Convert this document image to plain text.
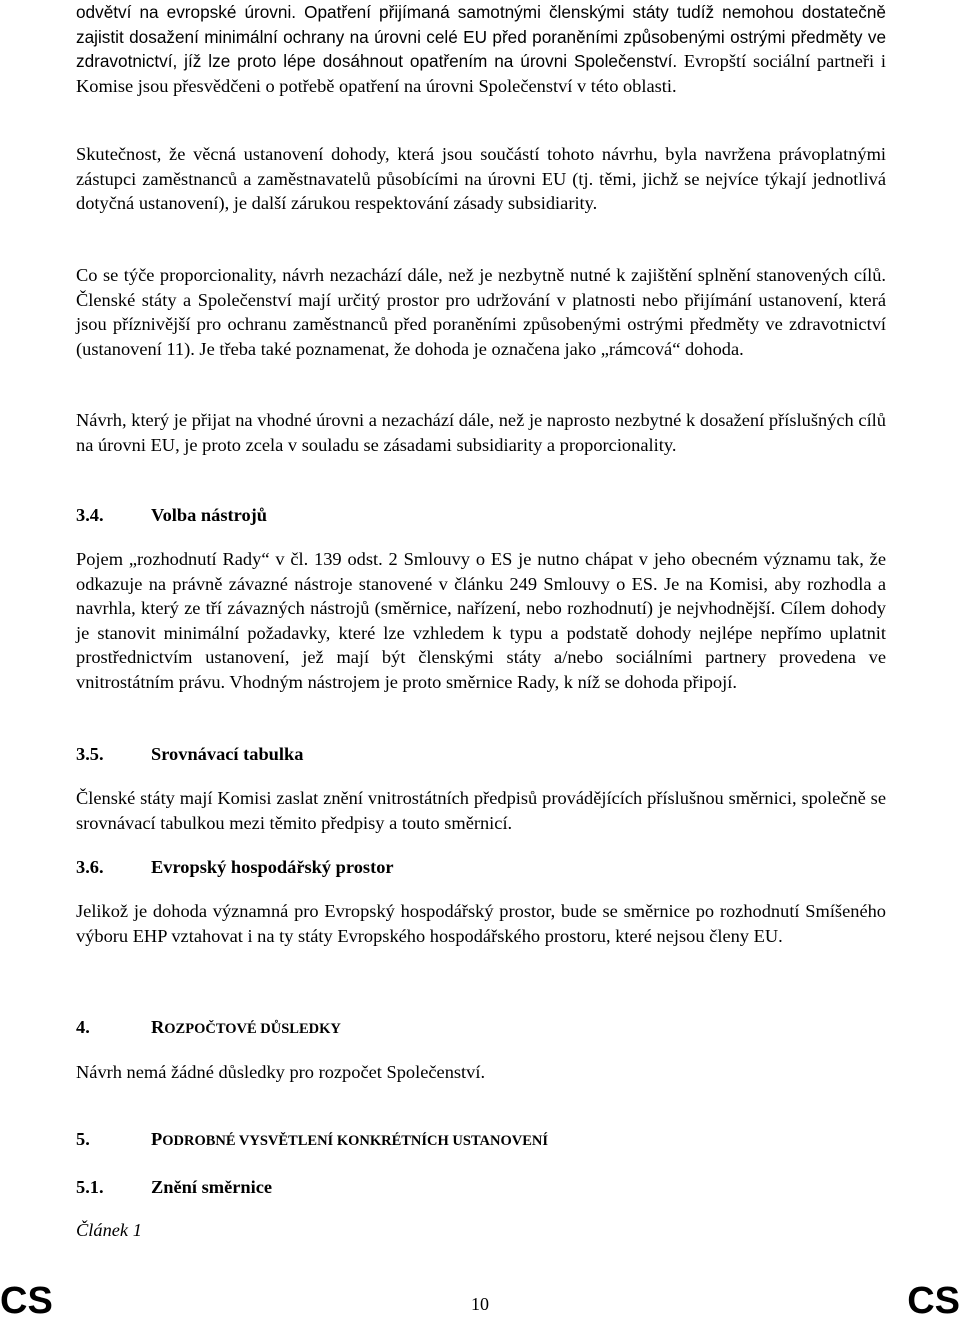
odvětví na evropské úrovni. Opatření přijímaná samotnými členskými státy tudíž nemohou dostatečně zajistit dosažení minimální ochrany na úrovni celé EU před poraněními způsobenými ostrými předměty ve zdravotnictví, jíž lze proto lépe dosáhnout opatřením na úrovni Společenství. Evropští sociální partneři i Komise jsou přesvědčeni o potřebě opatření na úrovni Společenství v této oblasti.

Skutečnost, že věcná ustanovení dohody, která jsou součástí tohoto návrhu, byla navržena právoplatnými zástupci zaměstnanců a zaměstnavatelů působícími na úrovni EU (tj. těmi, jichž se nejvíce týkají jednotlivá dotyčná ustanovení), je další zárukou respektování zásady subsidiarity.

Co se týče proporcionality, návrh nezachází dále, než je nezbytně nutné k zajištění splnění stanovených cílů. Členské státy a Společenství mají určitý prostor pro udržování v platnosti nebo přijímání ustanovení, která jsou příznivější pro ochranu zaměstnanců před poraněními způsobenými ostrými předměty ve zdravotnictví (ustanovení 11). Je třeba také poznamenat, že dohoda je označena jako „rámcová“ dohoda.

Návrh, který je přijat na vhodné úrovni a nezachází dále, než je naprosto nezbytné k dosažení příslušných cílů na úrovni EU, je proto zcela v souladu se zásadami subsidiarity a proporcionality.

3.4.	Volba nástrojů

Pojem „rozhodnutí Rady“ v čl. 139 odst. 2 Smlouvy o ES je nutno chápat v jeho obecném významu tak, že odkazuje na právně závazné nástroje stanovené v článku 249 Smlouvy o ES. Je na Komisi, aby rozhodla a navrhla, který ze tří závazných nástrojů (směrnice, nařízení, nebo rozhodnutí) je nejvhodnější. Cílem dohody je stanovit minimální požadavky, které lze vzhledem k typu a podstatě dohody nejlépe nepřímo uplatnit prostřednictvím ustanovení, jež mají být členskými státy a/nebo sociálními partnery provedena ve vnitrostátním právu. Vhodným nástrojem je proto směrnice Rady, k níž se dohoda připojí.

3.5.	Srovnávací tabulka

Členské státy mají Komisi zaslat znění vnitrostátních předpisů provádějících příslušnou směrnici, společně se srovnávací tabulkou mezi těmito předpisy a touto směrnicí.

3.6.	Evropský hospodářský prostor

Jelikož je dohoda významná pro Evropský hospodářský prostor, bude se směrnice po rozhodnutí Smíšeného výboru EHP vztahovat i na ty státy Evropského hospodářského prostoru, které nejsou členy EU.

4.	ROZPOČTOVÉ DŮSLEDKY

Návrh nemá žádné důsledky pro rozpočet Společenství.

5.	PODROBNÉ VYSVĚTLENÍ KONKRÉTNÍCH USTANOVENÍ
5.1.	Znění směrnice
Článek 1
CS	10	CS
